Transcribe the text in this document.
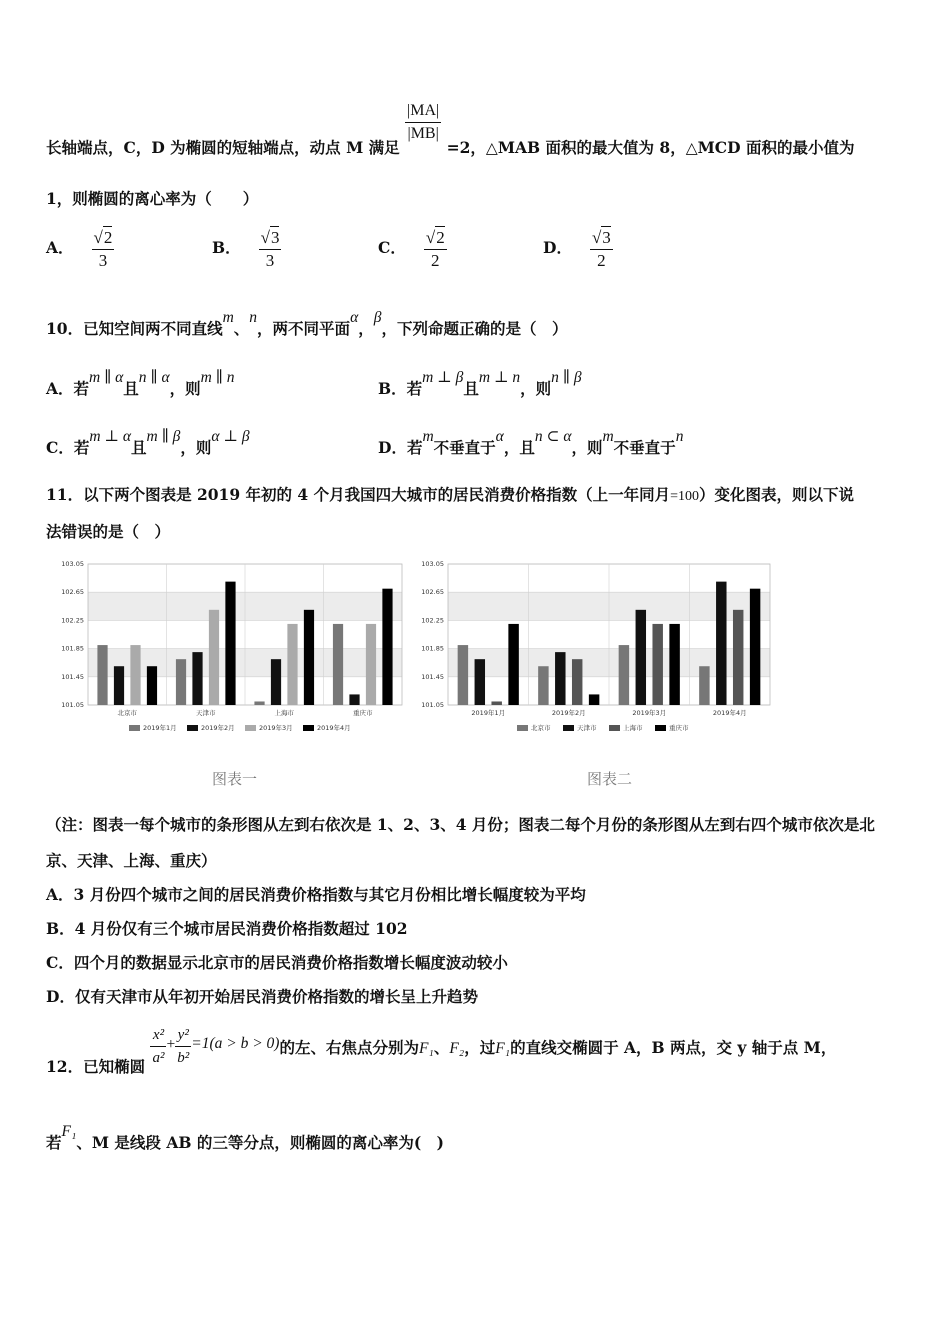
长轴端点，C，D 为椭圆的短轴端点，动点 M 满足
$\frac{|MA|}{|MB|}$
=2，△MAB 面积的最大值为 8，△MCD 面积的最小值为
1，则椭圆的离心率为（　　）
A． $\frac{√2}{3}$	B． $\frac{√3}{3}$	C． $\frac{√2}{2}$	D． $\frac{√3}{2}$
10．已知空间两不同直线m、n，两不同平面α，β，下列命题正确的是（　）
A．若m ∥ α且n ∥ α，则m ∥ n
B．若m ⊥ β且m ⊥ n，则n ∥ β
C．若m ⊥ α且m ∥ β，则α ⊥ β
D．若m不垂直于α，且n ⊂ α，则m不垂直于n
11．以下两个图表是 2019 年初的 4 个月我国四大城市的居民消费价格指数（上一年同月=100）变化图表，则以下说
法错误的是（　）
101.05
101.45
101.85
102.25
102.65
103.05
北京市	天津市	上海市	重庆市
2019年1月	2019年2月	2019年3月	2019年4月
101.05
101.45
101.85
102.25
102.65
103.05
2019年1月	2019年2月	2019年3月	2019年4月
北京市	天津市	上海市	重庆市
图表一	图表二
（注：图表一每个城市的条形图从左到右依次是 1、2、3、4 月份；图表二每个月份的条形图从左到右四个城市依次是北
京、天津、上海、重庆）
A．3 月份四个城市之间的居民消费价格指数与其它月份相比增长幅度较为平均
B．4 月份仅有三个城市居民消费价格指数超过 102
C．四个月的数据显示北京市的居民消费价格指数增长幅度波动较小
D．仅有天津市从年初开始居民消费价格指数的增长呈上升趋势
12．已知椭圆 $\frac{\text{x²}}{\text{a²}} + \frac{\text{y²}}{\text{b²}} =1(a > b > 0)$的左、右焦点分别为F₁、F₂，过F₁的直线交椭圆于 A，B 两点，交 y 轴于点 M，
若F₁、M 是线段 AB 的三等分点，则椭圆的离心率为(　)
